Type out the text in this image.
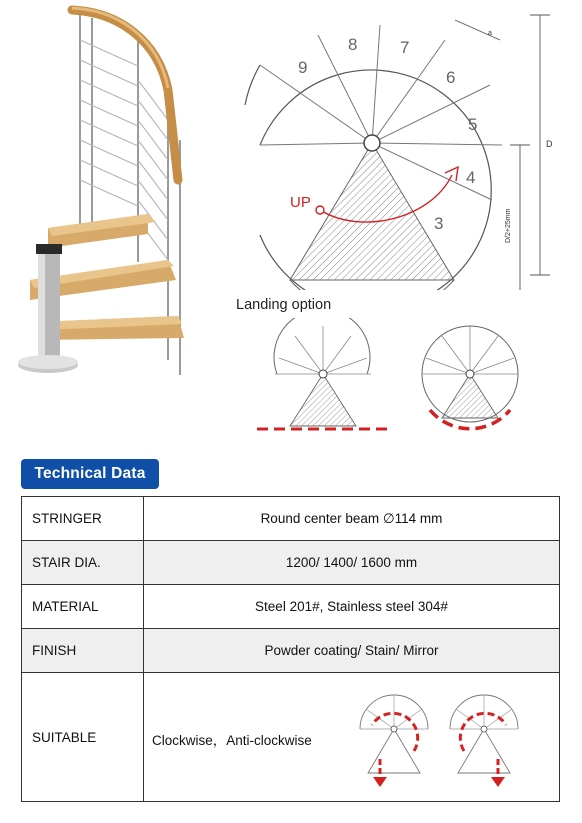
9
8	7
6
5
4
3
UP
D
D/2+25mm
a
Landing option
Technical Data
STRINGER	Round center beam ∅114 mm
STAIR DIA.	1200/ 1400/ 1600 mm
MATERIAL	Steel 201#, Stainless steel 304#
FINISH	Powder coating/ Stain/ Mirror
SUITABLE	Clockwise，Anti-clockwise
